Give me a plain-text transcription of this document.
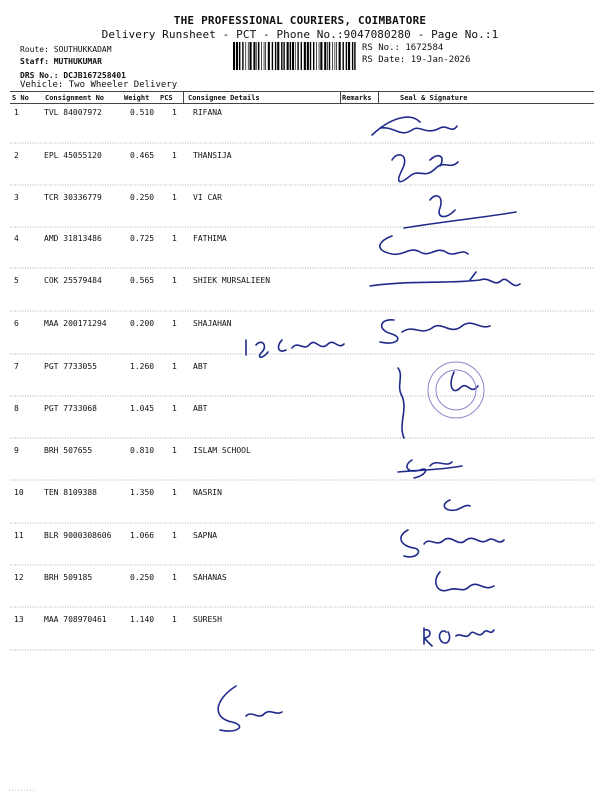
THE PROFESSIONAL COURIERS, COIMBATORE
Delivery Runsheet - PCT - Phone No.:9047080280 - Page No.:1
Route: SOUTHUKKADAM
Staff: MUTHUKUMAR
DRS No.: DCJB167258401
RS No.: 1672584
RS Date: 19-Jan-2026
Vehicle: Two Wheeler Delivery
S No Consignment No	Weight PCS Consignee Details	Remarks	Seal & Signature
1	TVL 84007972	0.510 1 RIFANA
2	EPL 45055120	0.465 1 THANSIJA
3	TCR 30336779	0.250 1 VI CAR
4	AMD 31813486	0.725 1 FATHIMA
5	COK 25579484	0.565 1 SHIEK MURSALIEEN
6	MAA 200171294	0.200 1 SHAJAHAN
7	PGT 7733055	1.260 1 ABT
8	PGT 7733068	1.045 1 ABT
9	BRH 507655	0.810 1 ISLAM SCHOOL
10	TEN 8109388	1.350 1 NASRIN
11	BLR 9000308606 1.066 1 SAPNA
12	BRH 509185	0.250 1 SAHANAS
13	MAA 708970461	1.140 1 SURESH
·········
